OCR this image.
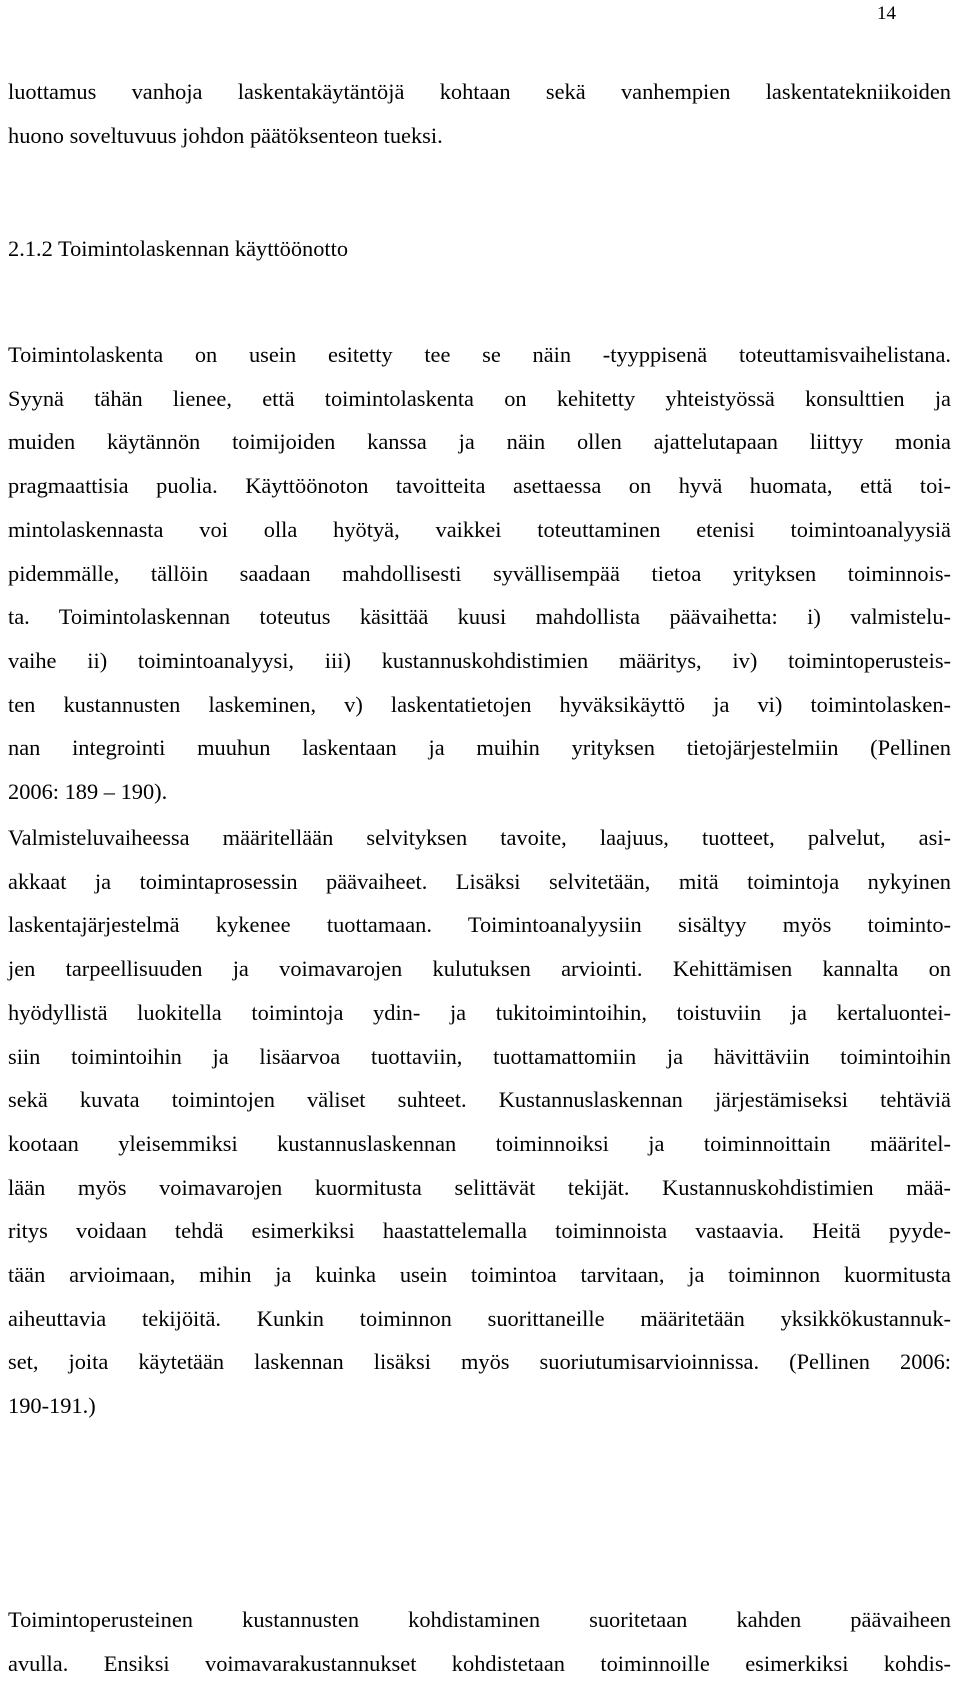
14
luottamus vanhoja laskentakäytäntöjä kohtaan sekä vanhempien laskentatekniikoiden
huono soveltuvuus johdon päätöksenteon tueksi.
2.1.2 Toimintolaskennan käyttöönotto
Toimintolaskenta on usein esitetty tee se näin -tyyppisenä toteuttamisvaihelistana.
Syynä tähän lienee, että toimintolaskenta on kehitetty yhteistyössä konsulttien ja
muiden käytännön toimijoiden kanssa ja näin ollen ajattelutapaan liittyy monia
pragmaattisia puolia. Käyttöönoton tavoitteita asettaessa on hyvä huomata, että toi-
mintolaskennasta voi olla hyötyä, vaikkei toteuttaminen etenisi toimintoanalyysiä
pidemmälle, tällöin saadaan mahdollisesti syvällisempää tietoa yrityksen toiminnois-
ta. Toimintolaskennan toteutus käsittää kuusi mahdollista päävaihetta: i) valmistelu-
vaihe ii) toimintoanalyysi, iii) kustannuskohdistimien määritys, iv) toimintoperusteis-
ten kustannusten laskeminen, v) laskentatietojen hyväksikäyttö ja vi) toimintolasken-
nan integrointi muuhun laskentaan ja muihin yrityksen tietojärjestelmiin (Pellinen
2006: 189 – 190).
Valmisteluvaiheessa määritellään selvityksen tavoite, laajuus, tuotteet, palvelut, asi-
akkaat ja toimintaprosessin päävaiheet. Lisäksi selvitetään, mitä toimintoja nykyinen
laskentajärjestelmä kykenee tuottamaan. Toimintoanalyysiin sisältyy myös toiminto-
jen tarpeellisuuden ja voimavarojen kulutuksen arviointi. Kehittämisen kannalta on
hyödyllistä luokitella toimintoja ydin- ja tukitoimintoihin, toistuviin ja kertaluontei-
siin toimintoihin ja lisäarvoa tuottaviin, tuottamattomiin ja hävittäviin toimintoihin
sekä kuvata toimintojen väliset suhteet. Kustannuslaskennan järjestämiseksi tehtäviä
kootaan yleisemmiksi kustannuslaskennan toiminnoiksi ja toiminnoittain määritel-
lään myös voimavarojen kuormitusta selittävät tekijät. Kustannuskohdistimien mää-
ritys voidaan tehdä esimerkiksi haastattelemalla toiminnoista vastaavia. Heitä pyyde-
tään arvioimaan, mihin ja kuinka usein toimintoa tarvitaan, ja toiminnon kuormitusta
aiheuttavia tekijöitä. Kunkin toiminnon suorittaneille määritetään yksikkökustannuk-
set, joita käytetään laskennan lisäksi myös suoriutumisarvioinnissa. (Pellinen 2006:
190-191.)
Toimintoperusteinen kustannusten kohdistaminen suoritetaan kahden päävaiheen
avulla. Ensiksi voimavarakustannukset kohdistetaan toiminnoille esimerkiksi kohdis-
